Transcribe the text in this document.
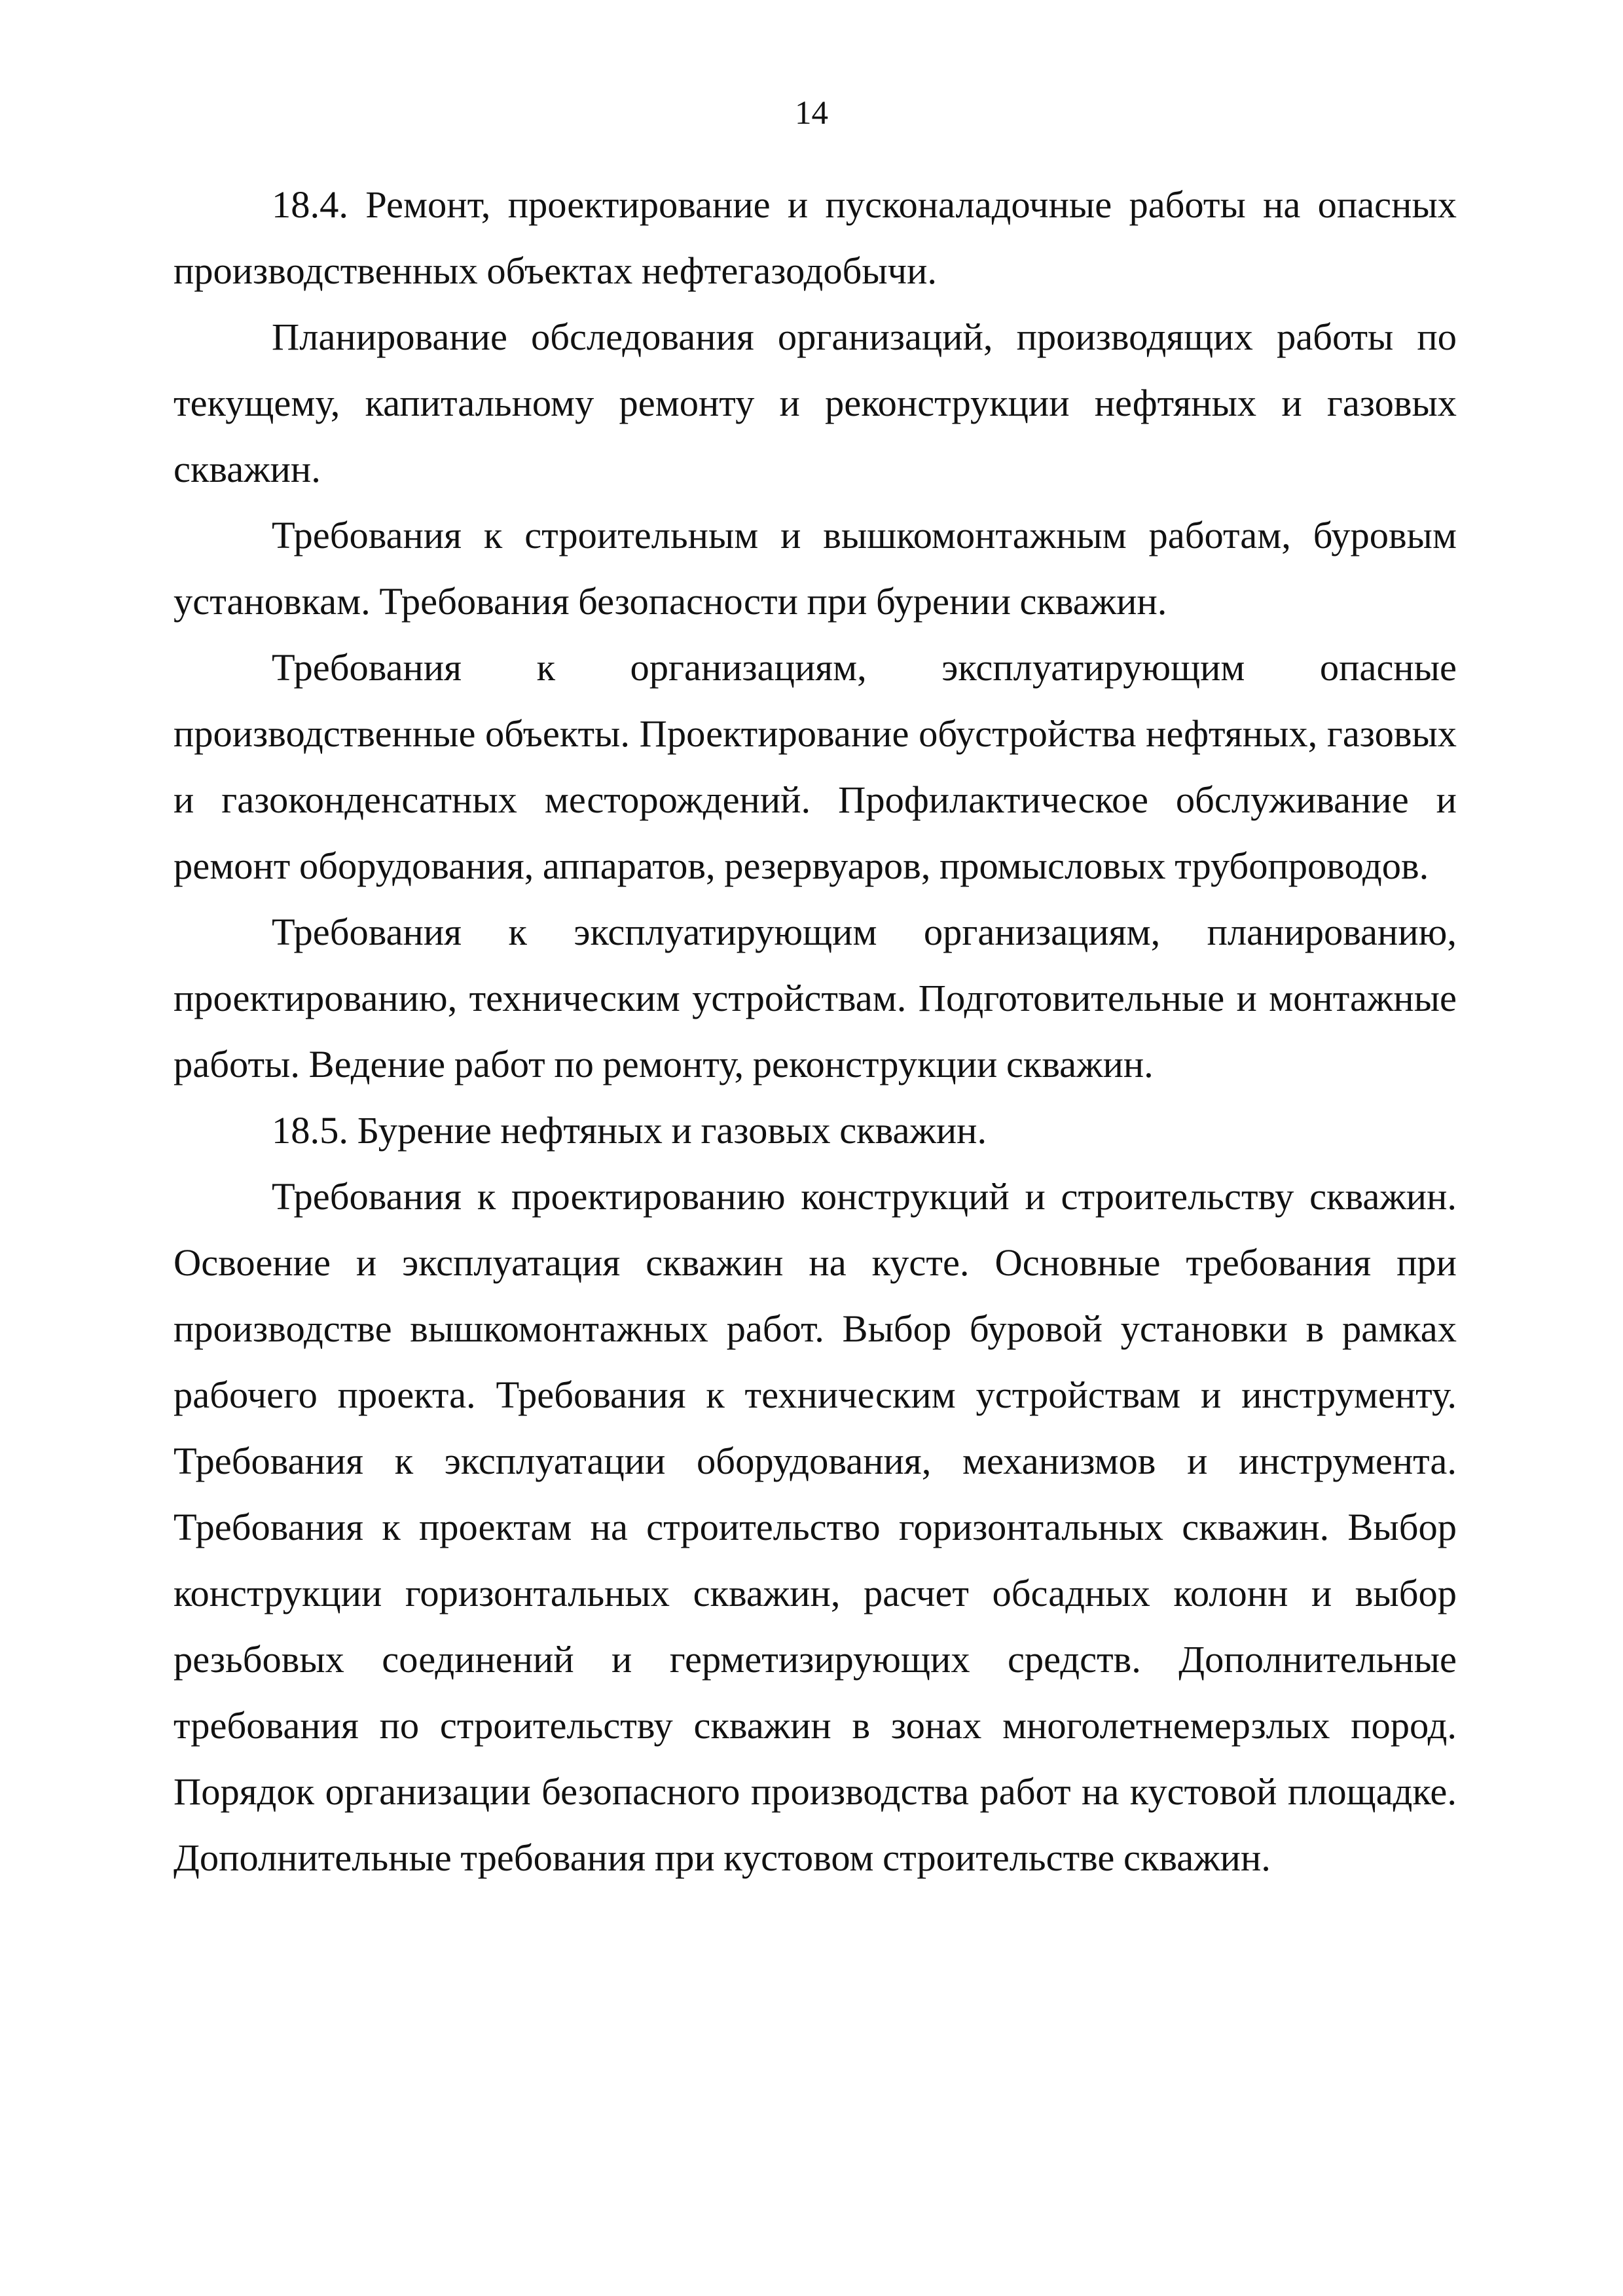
14

18.4. Ремонт, проектирование и пусконаладочные работы на опасных производственных объектах нефтегазодобычи.

Планирование обследования организаций, производящих работы по текущему, капитальному ремонту и реконструкции нефтяных и газовых скважин.

Требования к строительным и вышкомонтажным работам, буровым установкам. Требования безопасности при бурении скважин.

Требования к организациям, эксплуатирующим опасные производственные объекты. Проектирование обустройства нефтяных, газовых и газоконденсатных месторождений. Профилактическое обслуживание и ремонт оборудования, аппаратов, резервуаров, промысловых трубопроводов.

Требования к эксплуатирующим организациям, планированию, проектированию, техническим устройствам. Подготовительные и монтажные работы. Ведение работ по ремонту, реконструкции скважин.

18.5. Бурение нефтяных и газовых скважин.

Требования к проектированию конструкций и строительству скважин. Освоение и эксплуатация скважин на кусте. Основные требования при производстве вышкомонтажных работ. Выбор буровой установки в рамках рабочего проекта. Требования к техническим устройствам и инструменту. Требования к эксплуатации оборудования, механизмов и инструмента. Требования к проектам на строительство горизонтальных скважин. Выбор конструкции горизонтальных скважин, расчет обсадных колонн и выбор резьбовых соединений и герметизирующих средств. Дополнительные требования по строительству скважин в зонах многолетнемерзлых пород. Порядок организации безопасного производства работ на кустовой площадке. Дополнительные требования при кустовом строительстве скважин.
